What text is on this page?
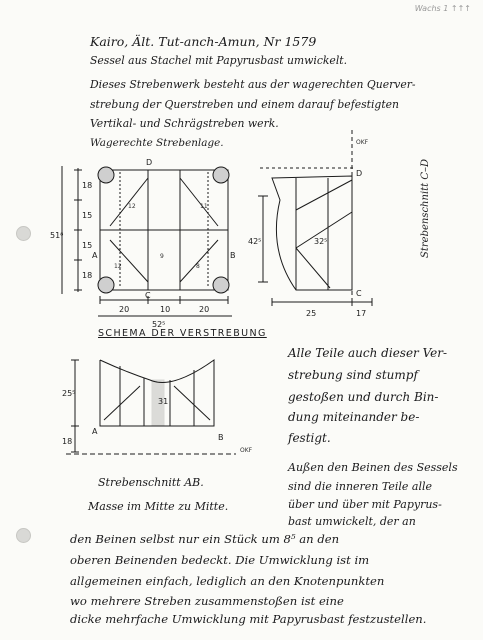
Wachs 1 ↑↑↑
Kairo, Ält. Tut-anch-Amun, Nr 1579
Sessel aus Stachel mit Papyrusbast umwickelt.
Dieses Strebenwerk besteht aus der wagerechten Querver-
strebung der Querstreben und einem darauf befestigten
Vertikal- und Schrägstreben werk.
Wagerechte Strebenlage.
20	10	20
52⁵
18
15
15
18
51⁸
A	B
C
D
12
12
9
8
11
42⁵	32⁵
25	17
D
C
OKF
25⁵
18
31
A
B
OKF
Strebenschnitt C–D
SCHEMA DER VERSTREBUNG
Alle Teile auch dieser Ver-
strebung sind stumpf
gestoßen und durch Bin-
dung miteinander be-
festigt.
Strebenschnitt AB.
Masse im Mitte zu Mitte.
Außen den Beinen des Sessels
sind die inneren Teile alle
über und über mit Papyrus-
bast umwickelt, der an
den Beinen selbst nur ein Stück um 8⁵ an den
oberen Beinenden bedeckt. Die Umwicklung ist im
allgemeinen einfach, lediglich an den Knotenpunkten
wo mehrere Streben zusammenstoßen ist eine
dicke mehrfache Umwicklung mit Papyrusbast festzustellen.
